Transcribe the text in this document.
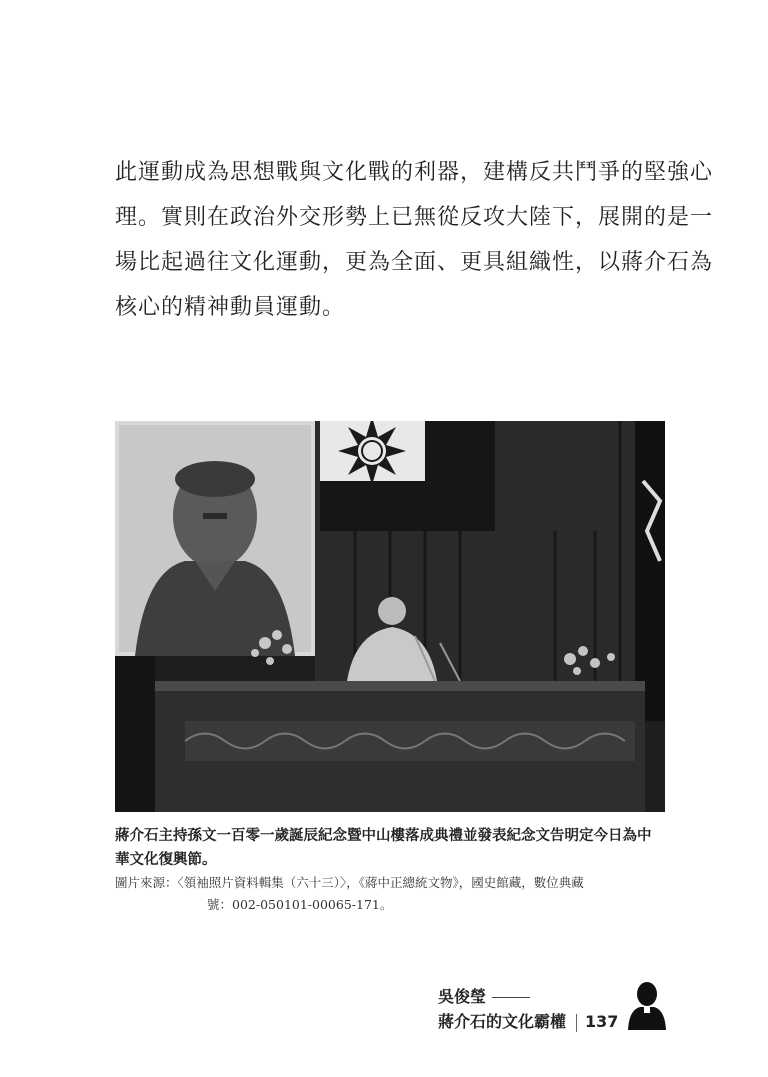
此運動成為思想戰與文化戰的利器，建構反共鬥爭的堅強心
理。實則在政治外交形勢上已無從反攻大陸下，展開的是一
場比起過往文化運動，更為全面、更具組織性，以蔣介石為
核心的精神動員運動。
蔣介石主持孫文一百零一歲誕辰紀念暨中山樓落成典禮並發表紀念文告明定今日為中
華文化復興節。
圖片來源：〈領袖照片資料輯集（六十三）〉，《蔣中正總統文物》，國史館藏，數位典藏
號：002-050101-00065-171。
吳俊瑩
蔣介石的文化霸權 137
